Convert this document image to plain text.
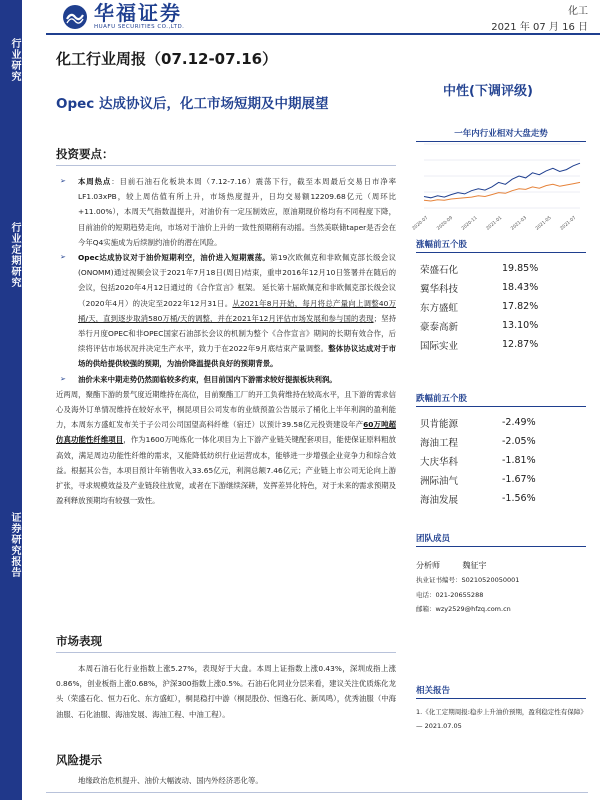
行业研究
行业定期研究
证券研究报告
华福证券
HUAFU SECURITIES CO.,LTD.
化工
2021 年 07 月 16 日
化工行业周报（07.12-07.16）
Opec 达成协议后，化工市场短期及中期展望
中性(下调评级)
投资要点：
➢ 本周热点：目前石油石化板块本周（7.12-7.16）震荡下行，截至本周最后交易日市净率LF1.03xPB，较上周估值有所上升，市场热度提升，日均交易额12209.68亿元（周环比+11.00%），本周天气指数温提升，对油价有一定压制效应，原油期现价格均有不同程度下降，目前油价的短期趋势走向，市场对于油价上升的一致性预期稍有动摇。当然美联储taper是否会在今年Q4实施成为后续制约油价的潜在风险。
➢ Opec达成协议对于油价短期利空，油价进入短期震荡。第19次欧佩克和非欧佩克部长级会议(ONOMM)通过视频会议于2021年7月18日(周日)结束，重申2016年12月10日签署并在随后的会议，包括2020年4月12日通过的《合作宣言》框架。 延长第十届欧佩克和非欧佩克部长级会议（2020年4月）的决定至2022年12月31日。从2021年8月开始，每月将总产量向上调整40万桶/天，直到逐步取消580万桶/天的调整，并在2021年12月评估市场发展和参与国的表现；坚持举行月度OPEC和非OPEC国家石油部长会议的机制为整个《合作宣言》期间的长期有效合作，后续将评估市场状况并决定生产水平，致力于在2022年9月底结束产量调整。整体协议达成对于市场的供给提供较强的预期，为油价降温提供良好的预期背景。
➢ 油价未来中期走势仍然面临较多约束，但目前国内下游需求较好提振板块利润。
近两周，聚酯下游的景气度近期维持在高位，目前聚酯工厂的开工负荷维持在较高水平，且下游的需求信心及海外订单情况维持在较好水平，桐昆项目公司发布的业绩预盈公告展示了桶化上半年利润的盈利能力，本周东方盛虹发布关于子公司公司国望高科纤维（宿迁）以预计39.58亿元投资建设年产60万吨超仿真功能性纤维项目，作为1600万吨炼化一体化项目为上下游产业链关键配套项目，能使保证原料粗放高效，满足周边功能性纤维的需求，又能降低纺织行业运营成本，能够进一步增强企业竞争力和综合效益。根据其公告，本项目预计年销售收入33.65亿元，利润总额7.46亿元；产业链上市公司无论向上游扩张，寻求规模效益及产业链段往放宽，或者在下游继续深耕，发挥差异化特色，对于未来的需求预期及盈利释放预期均有较强一致性。
市场表现
本周石油石化行业指数上涨5.27%，表现好于大盘。本周上证指数上涨0.43%，深圳成指上涨0.86%，创业板指上涨0.68%，沪深300指数上涨0.5%。石油石化同业分层来看，建议关注优质炼化龙头（荣盛石化、恒力石化、东方盛虹），桐昆稳打中游（桐昆股份、恒逸石化、新凤鸣），优秀油服（中海油服、石化油服、海油发展、海油工程、中油工程）。
风险提示
地缘政治危机提升、油价大幅波动、国内外经济恶化等。
一年内行业相对大盘走势
2020-07 2020-09 2020-11 2021-01 2021-03 2021-05 2021-07
涨幅前五个股
荣盛石化	19.85%
翼华科技	18.43%
东方盛虹	17.82%
豪泰高新	13.10%
国际实业	12.87%
跌幅前五个股
贝肯能源	-2.49%
海油工程	-2.05%
大庆华科	-1.81%
洲际油气	-1.67%
海油发展	-1.56%
团队成员
分析师	魏征宇
执业证书编号：S0210520050001
电话：021-20655288
邮箱：wzy2529@hfzq.com.cn
相关报告
1.《化工定期周报:稳步上升油价预期，盈利稳定性有保障》— 2021.07.05
